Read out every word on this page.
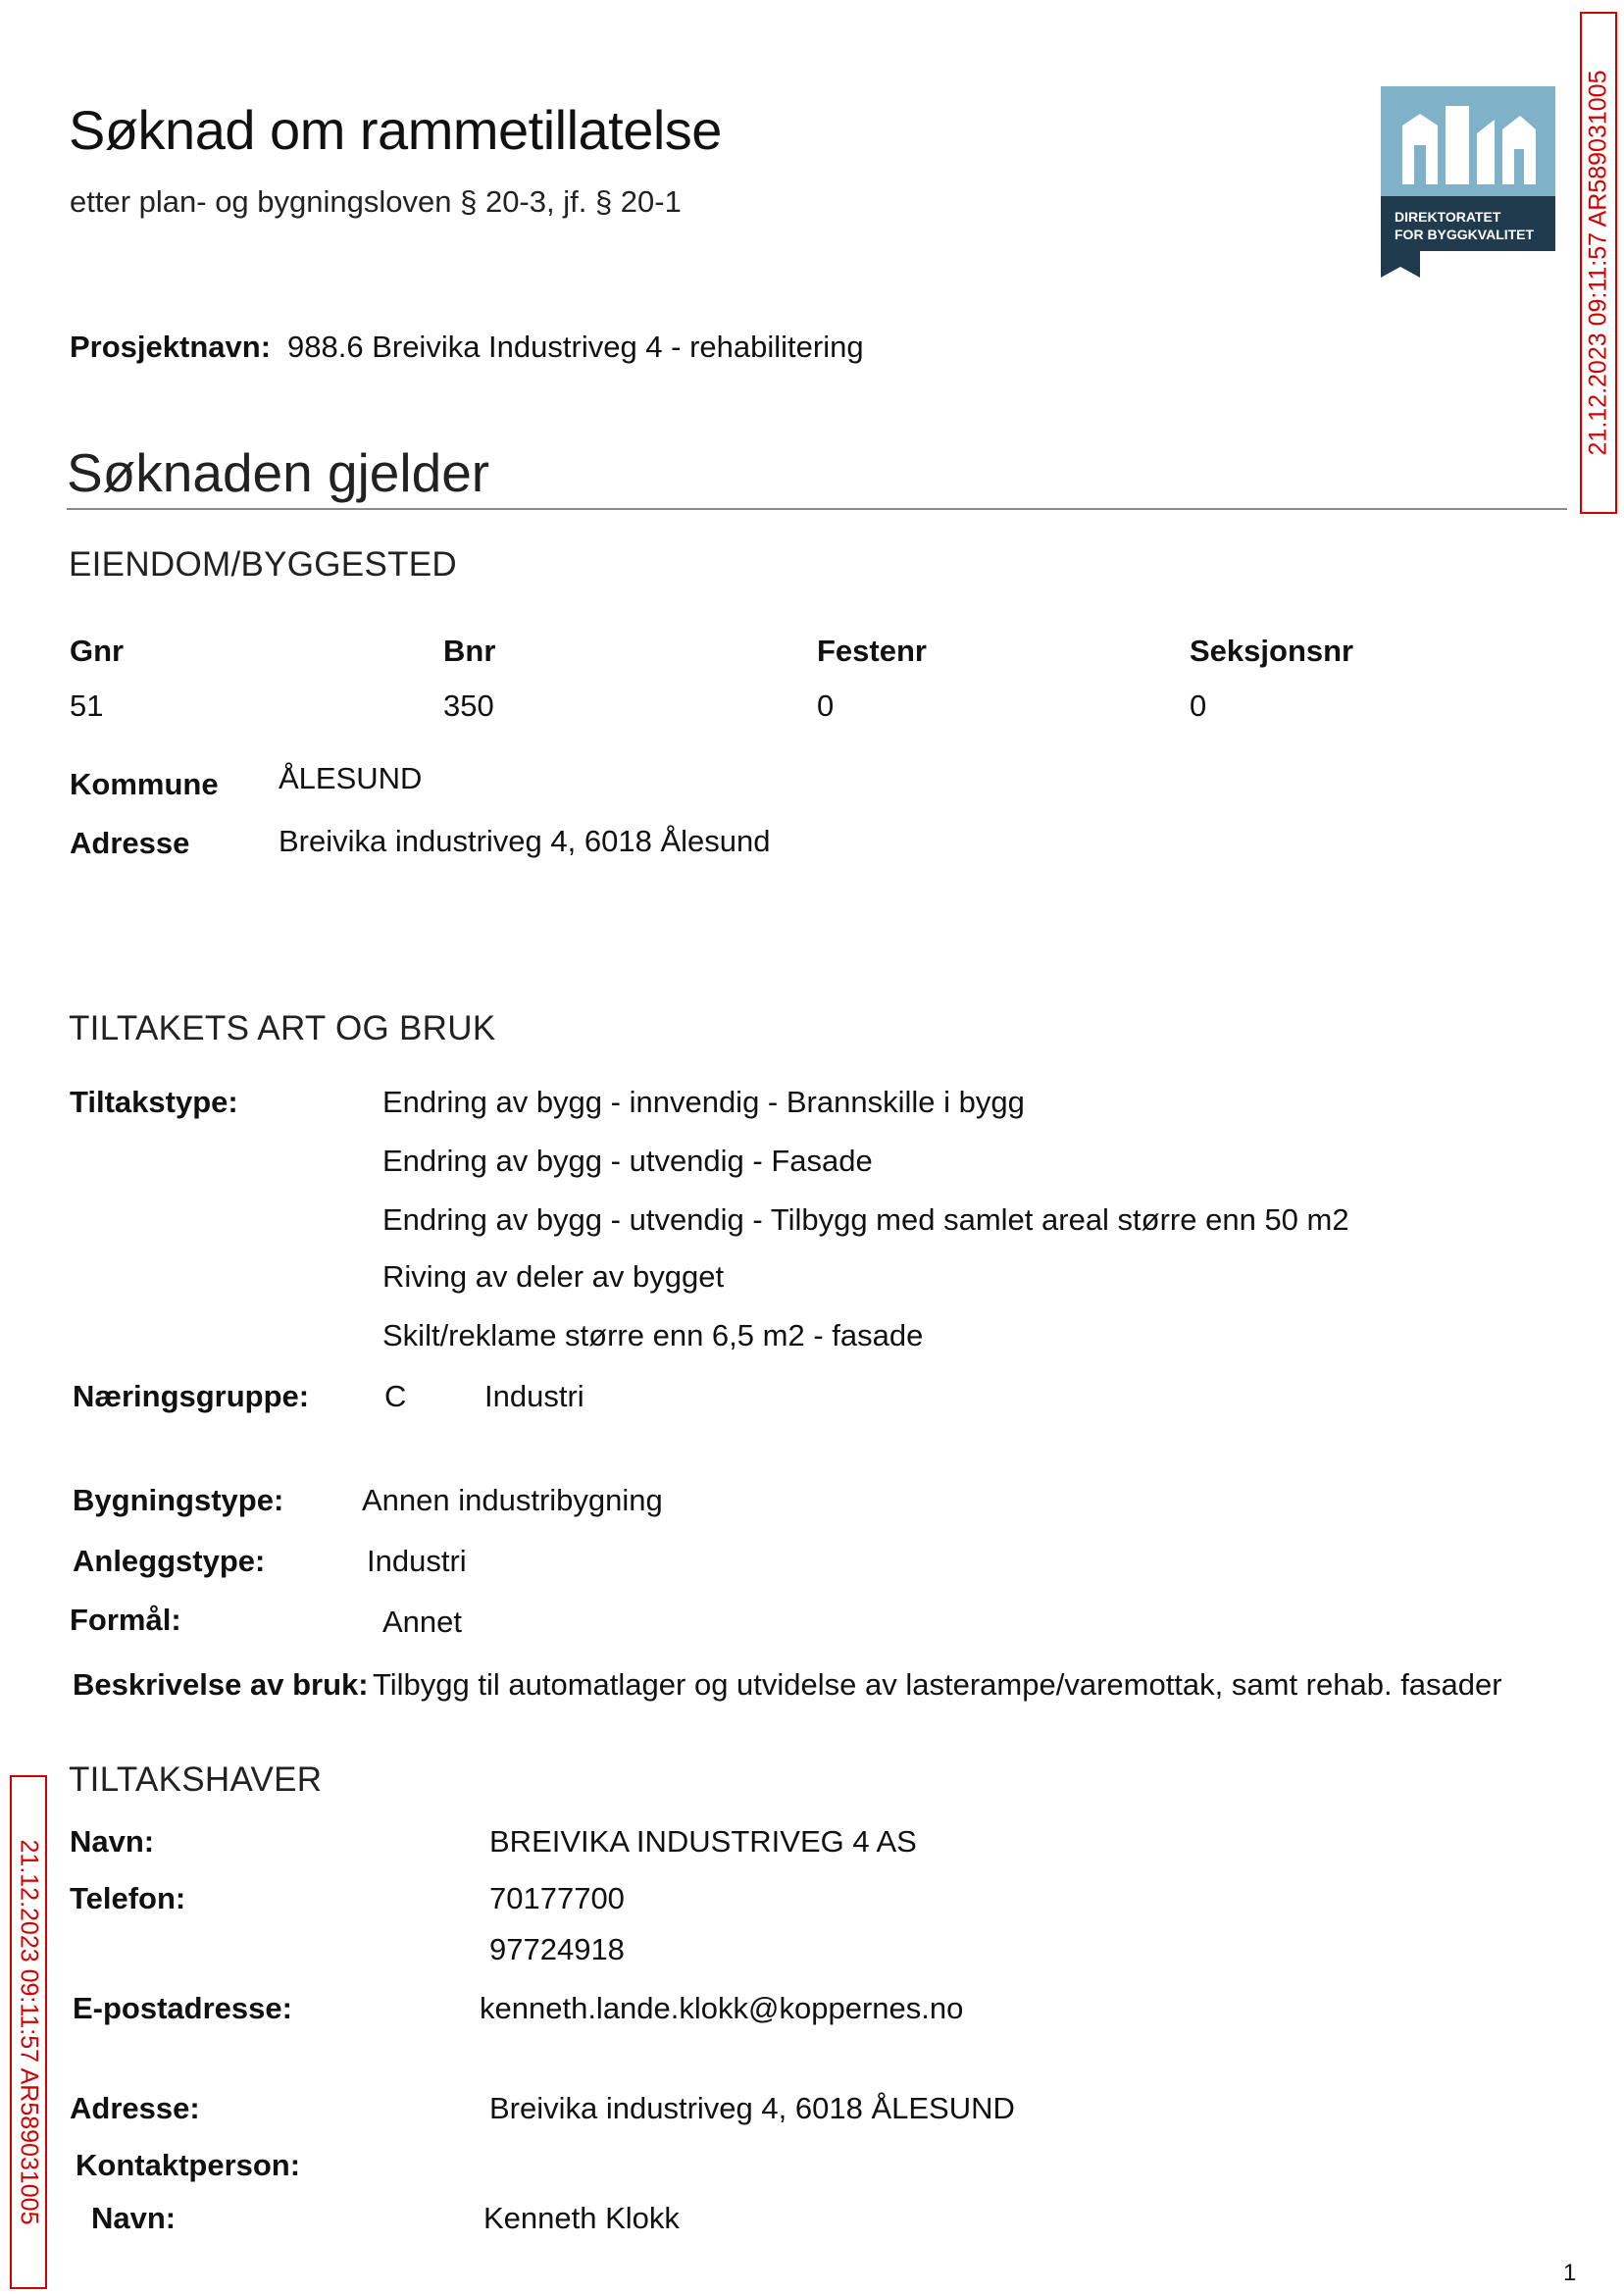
Søknad om rammetillatelse
etter plan- og bygningsloven § 20-3, jf. § 20-1	DIREKTORATET
FOR BYGGKVALITET 21.12.2023 09:11:57 AR589031005
Prosjektnavn: 988.6 Breivika Industriveg 4 - rehabilitering
Søknaden gjelder
EIENDOM/BYGGESTED
Gnr	Bnr	Festenr	Seksjonsnr
51	350	0	0
Kommune ÅLESUND
Adresse	Breivika industriveg 4, 6018 Ålesund
TILTAKETS ART OG BRUK
Tiltakstype:	Endring av bygg - innvendig - Brannskille i bygg
Endring av bygg - utvendig - Fasade
Endring av bygg - utvendig - Tilbygg med samlet areal større enn 50 m2
Riving av deler av bygget
Skilt/reklame større enn 6,5 m2 - fasade
Næringsgruppe: C	Industri
Bygningstype:	Annen industribygning
Anleggstype:	Industri
Formål:	Annet
Beskrivelse av bruk: Tilbygg til automatlager og utvidelse av lasterampe/varemottak, samt rehab. fasader
21.12.2023 09:11:57 AR589031005
TILTAKSHAVER
Navn:	BREIVIKA INDUSTRIVEG 4 AS
Telefon:	70177700
97724918
E-postadresse:	kenneth.lande.klokk@koppernes.no
Adresse:	Breivika industriveg 4, 6018 ÅLESUND
Kontaktperson:
Navn:	Kenneth Klokk
1
